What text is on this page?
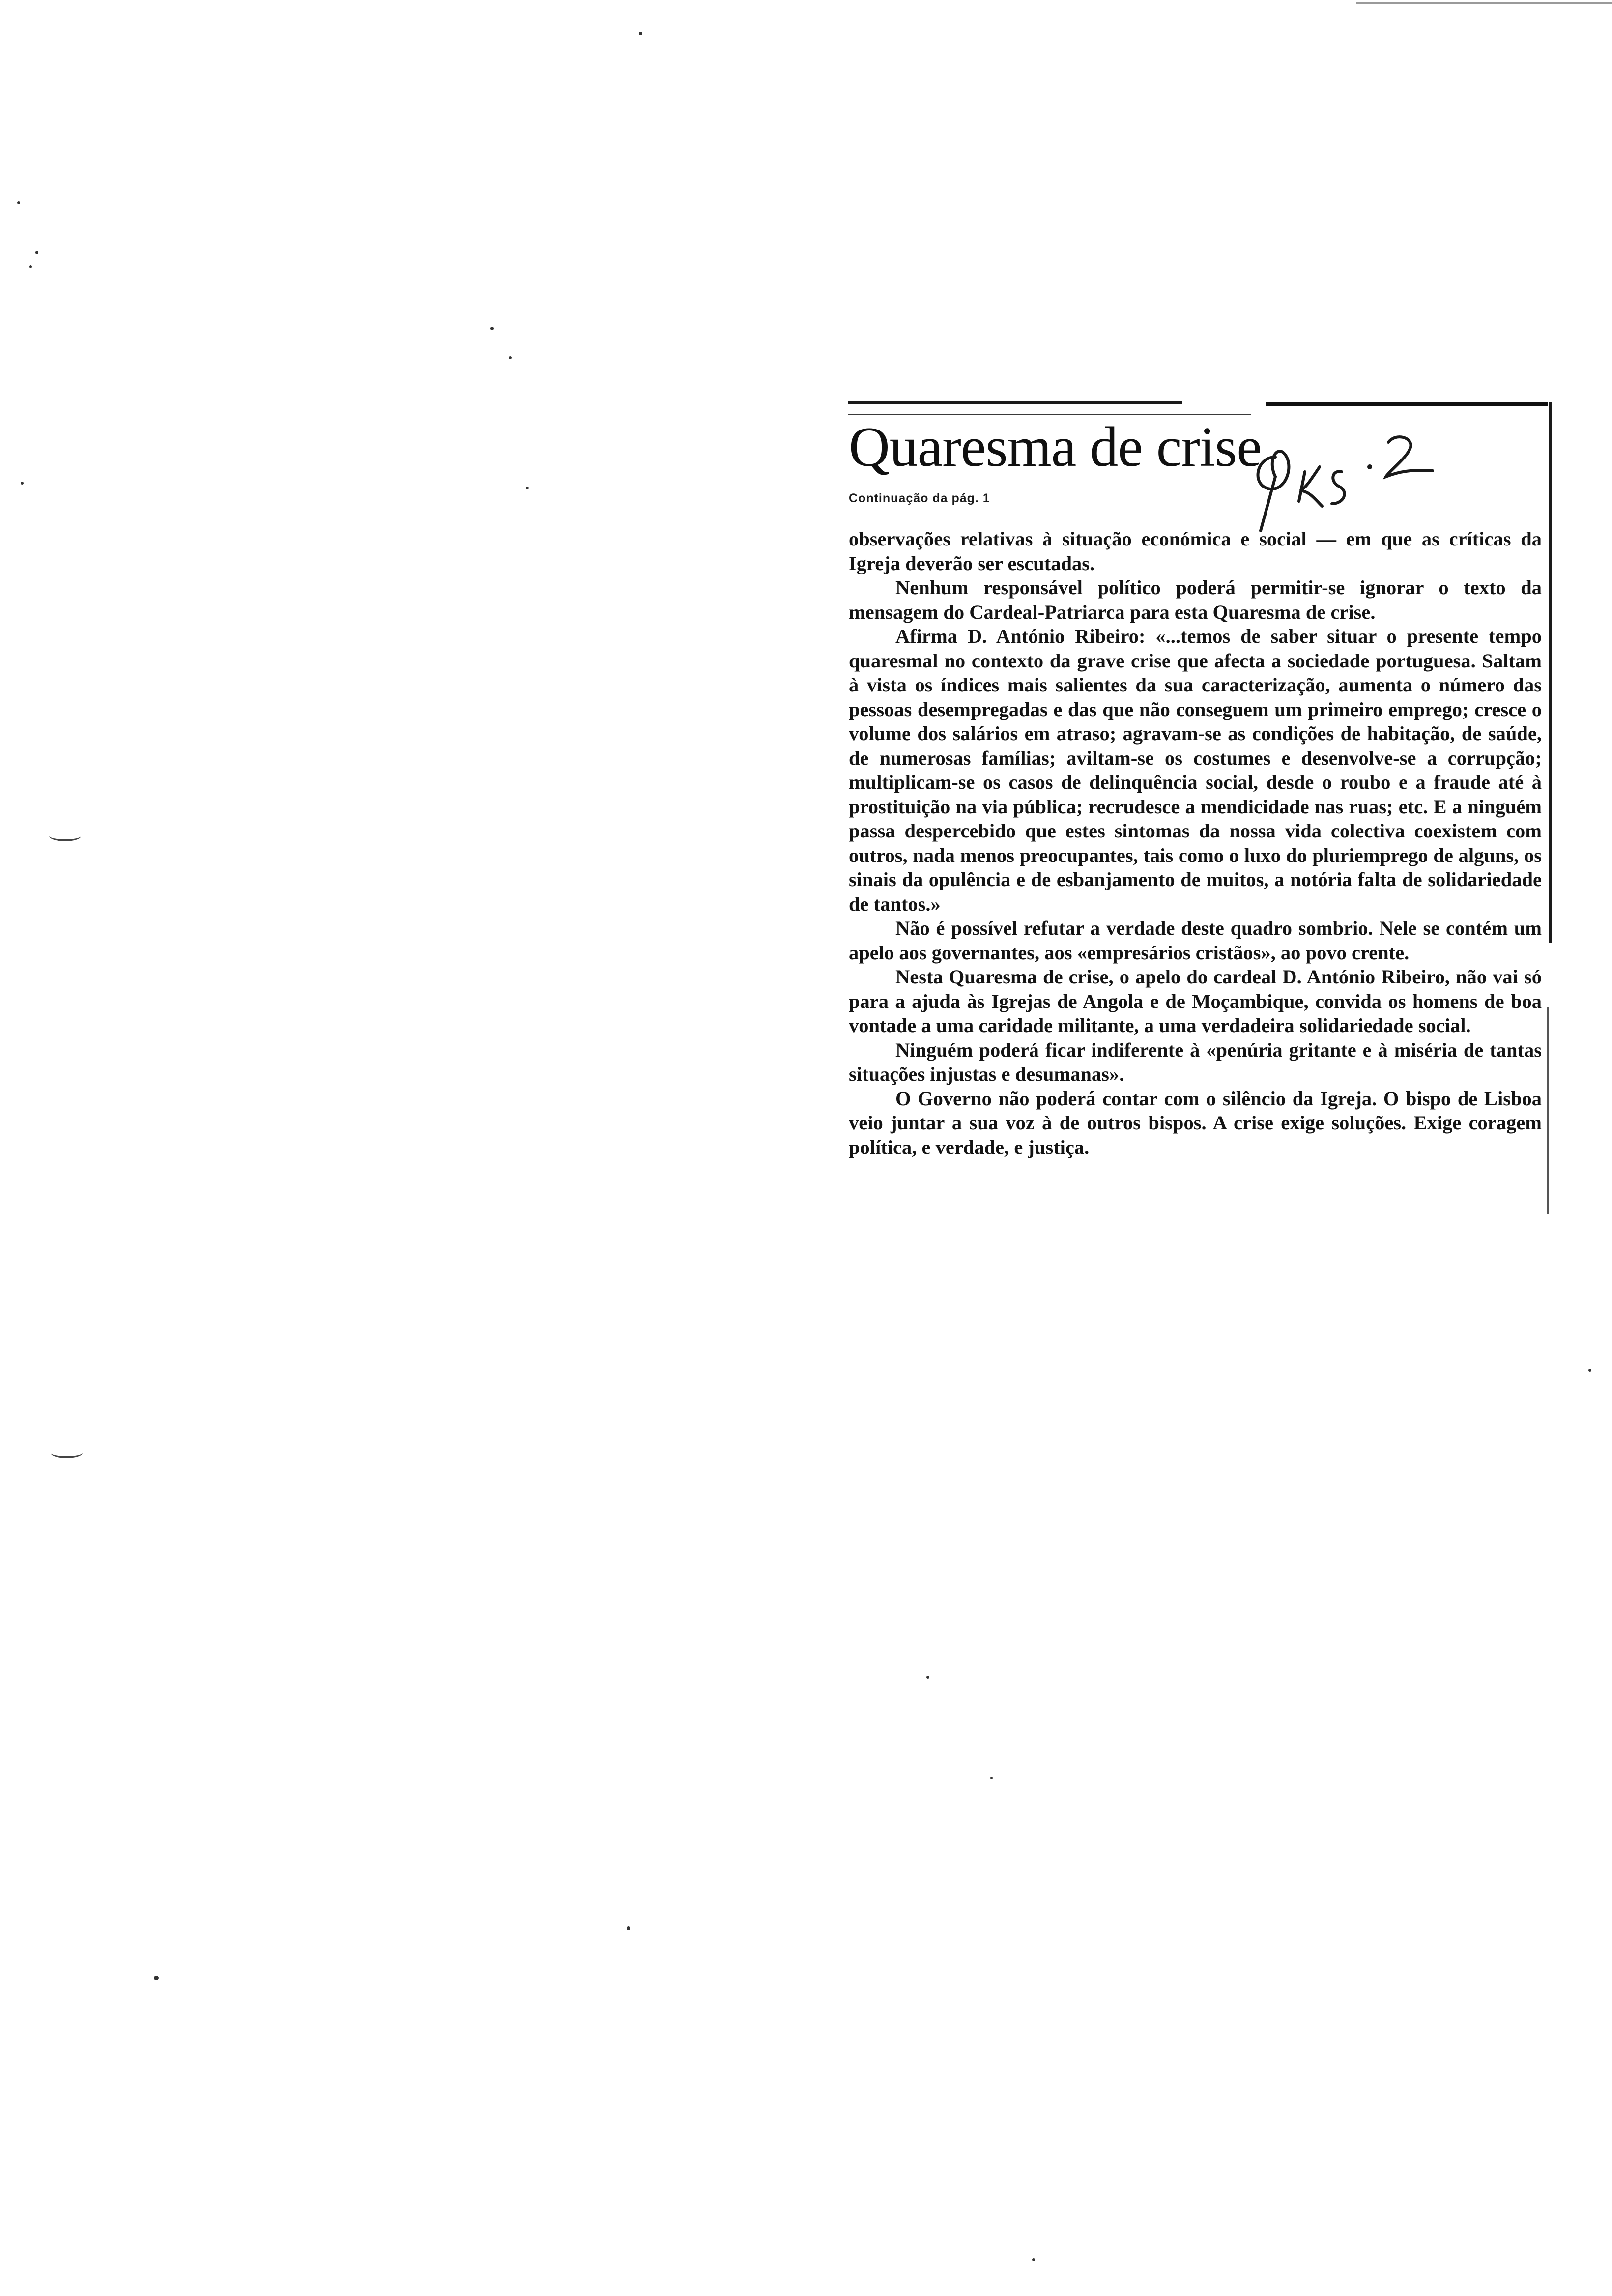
Quaresma de crise
Continuação da pág. 1

observações relativas à situação económica e social — em que as críticas da Igreja deverão ser escutadas.

Nenhum responsável político poderá permitir-se ignorar o texto da mensagem do Cardeal-Patriarca para esta Quaresma de crise.

Afirma D. António Ribeiro: «...temos de saber situar o presente tempo quaresmal no contexto da grave crise que afecta a sociedade portuguesa. Saltam à vista os índices mais salientes da sua caracterização, aumenta o número das pessoas desempregadas e das que não conseguem um primeiro emprego; cresce o volume dos salários em atraso; agravam-se as condições de habitação, de saúde, de numerosas famílias; aviltam-se os costumes e desenvolve-se a corrupção; multiplicam-se os casos de delinquência social, desde o roubo e a fraude até à prostituição na via pública; recrudesce a mendicidade nas ruas; etc. E a ninguém passa despercebido que estes sintomas da nossa vida colectiva coexistem com outros, nada menos preocupantes, tais como o luxo do pluriemprego de alguns, os sinais da opulência e de esbanjamento de muitos, a notória falta de solidariedade de tantos.»

Não é possível refutar a verdade deste quadro sombrio. Nele se contém um apelo aos governantes, aos «empresários cristãos», ao povo crente.

Nesta Quaresma de crise, o apelo do cardeal D. António Ribeiro, não vai só para a ajuda às Igrejas de Angola e de Moçambique, convida os homens de boa vontade a uma caridade militante, a uma verdadeira solidariedade social.

Ninguém poderá ficar indiferente à «penúria gritante e à miséria de tantas situações injustas e desumanas».

O Governo não poderá contar com o silêncio da Igreja. O bispo de Lisboa veio juntar a sua voz à de outros bispos. A crise exige soluções. Exige coragem política, e verdade, e justiça.
